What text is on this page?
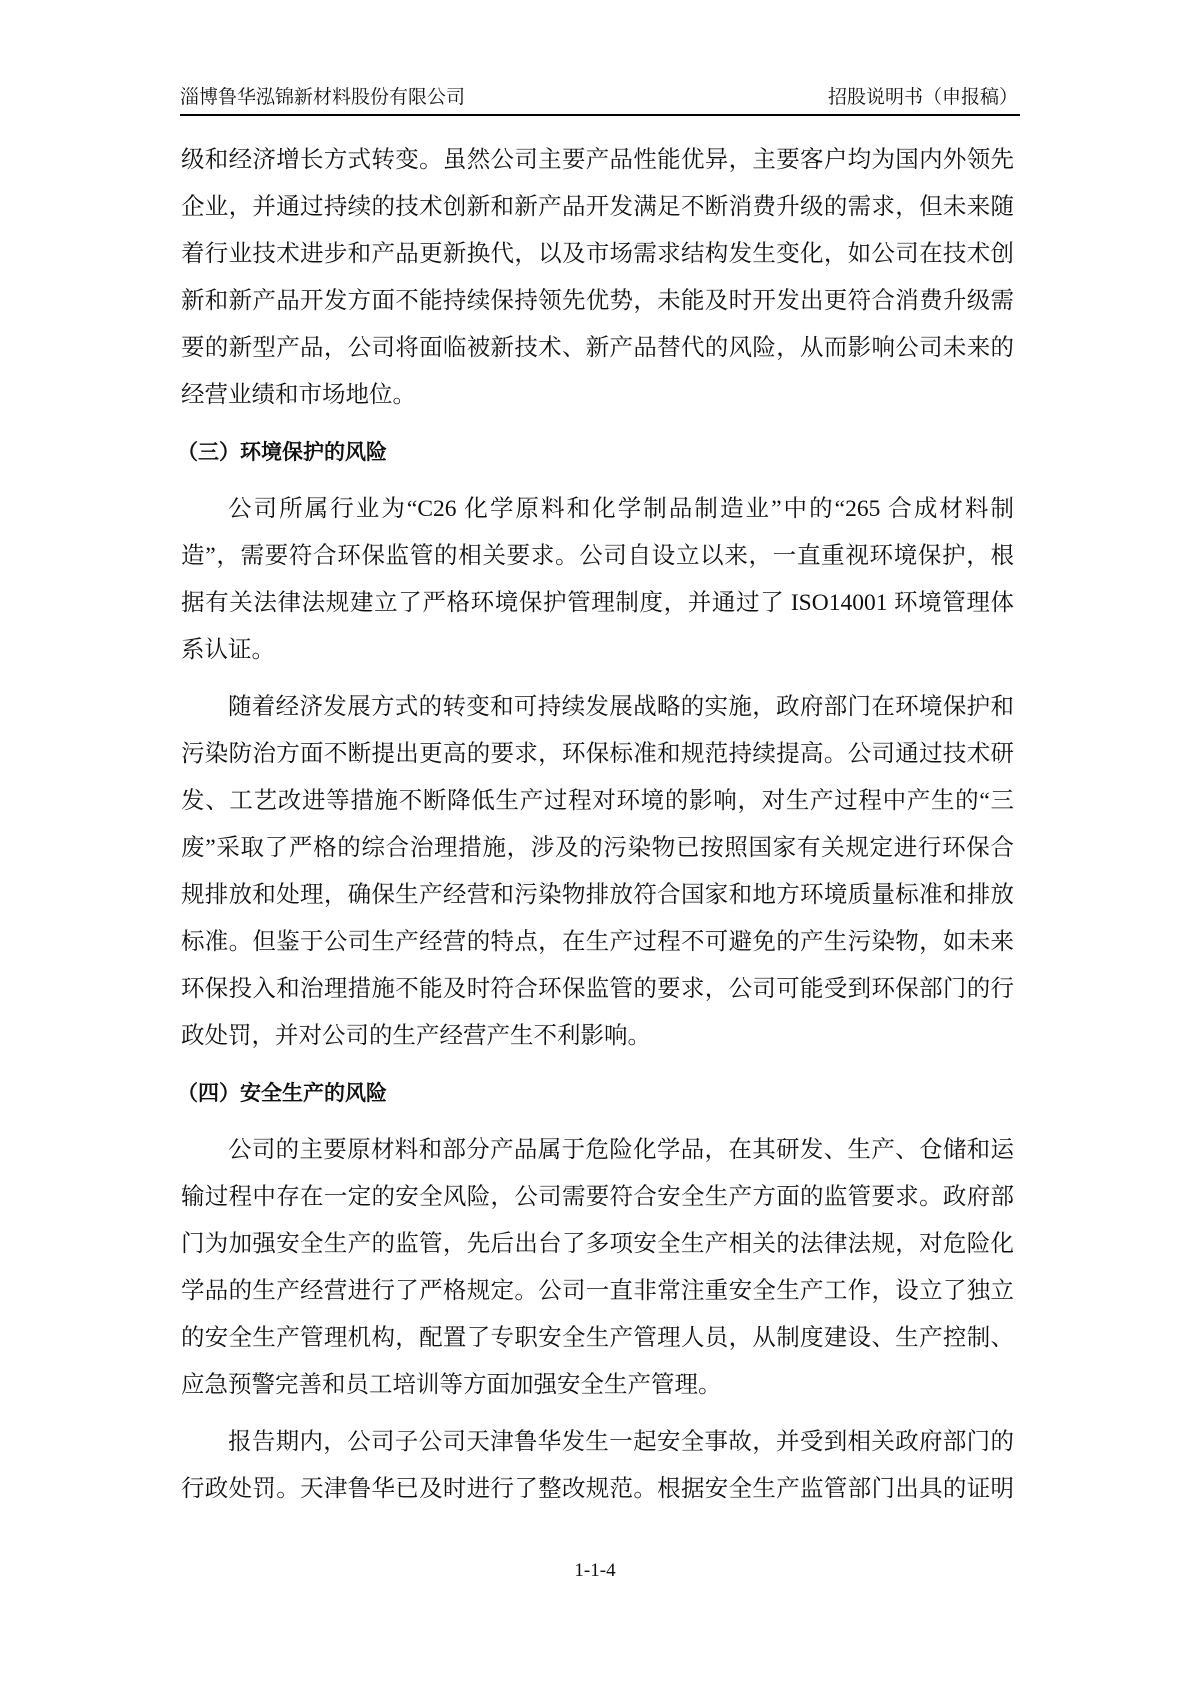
淄博鲁华泓锦新材料股份有限公司	招股说明书（申报稿）
级和经济增长方式转变。虽然公司主要产品性能优异，主要客户均为国内外领先
企业，并通过持续的技术创新和新产品开发满足不断消费升级的需求，但未来随
着行业技术进步和产品更新换代，以及市场需求结构发生变化，如公司在技术创
新和新产品开发方面不能持续保持领先优势，未能及时开发出更符合消费升级需
要的新型产品，公司将面临被新技术、新产品替代的风险，从而影响公司未来的
经营业绩和市场地位。
（三）环境保护的风险
公司所属行业为“C26 化学原料和化学制品制造业”中的“265 合成材料制
造”，需要符合环保监管的相关要求。公司自设立以来，一直重视环境保护，根
据有关法律法规建立了严格环境保护管理制度，并通过了 ISO14001 环境管理体
系认证。
随着经济发展方式的转变和可持续发展战略的实施，政府部门在环境保护和
污染防治方面不断提出更高的要求，环保标准和规范持续提高。公司通过技术研
发、工艺改进等措施不断降低生产过程对环境的影响，对生产过程中产生的“三
废”采取了严格的综合治理措施，涉及的污染物已按照国家有关规定进行环保合
规排放和处理，确保生产经营和污染物排放符合国家和地方环境质量标准和排放
标准。但鉴于公司生产经营的特点，在生产过程不可避免的产生污染物，如未来
环保投入和治理措施不能及时符合环保监管的要求，公司可能受到环保部门的行
政处罚，并对公司的生产经营产生不利影响。
（四）安全生产的风险
公司的主要原材料和部分产品属于危险化学品，在其研发、生产、仓储和运
输过程中存在一定的安全风险，公司需要符合安全生产方面的监管要求。政府部
门为加强安全生产的监管，先后出台了多项安全生产相关的法律法规，对危险化
学品的生产经营进行了严格规定。公司一直非常注重安全生产工作，设立了独立
的安全生产管理机构，配置了专职安全生产管理人员，从制度建设、生产控制、
应急预警完善和员工培训等方面加强安全生产管理。
报告期内，公司子公司天津鲁华发生一起安全事故，并受到相关政府部门的
行政处罚。天津鲁华已及时进行了整改规范。根据安全生产监管部门出具的证明
1-1-4
